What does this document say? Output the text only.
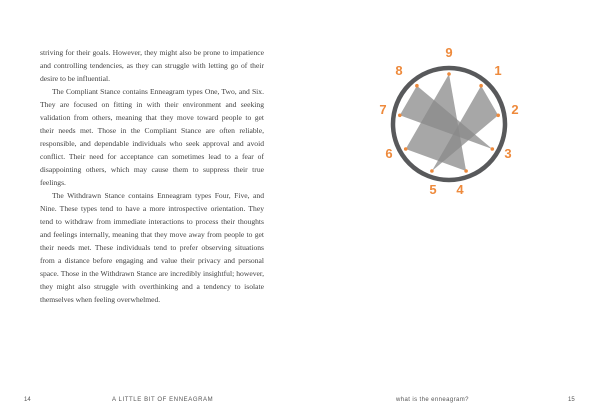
striving for their goals. However, they might also be prone to impatience and controlling tendencies, as they can struggle with letting go of their desire to be influential.

The Compliant Stance contains Enneagram types One, Two, and Six. They are focused on fitting in with their environment and seeking validation from others, meaning that they move toward people to get their needs met. Those in the Compliant Stance are often reliable, responsible, and dependable individuals who seek approval and avoid conflict. Their need for acceptance can sometimes lead to a fear of disappointing others, which may cause them to suppress their true feelings.

The Withdrawn Stance contains Enneagram types Four, Five, and Nine. These types tend to have a more introspective orientation. They tend to withdraw from immediate interactions to process their thoughts and feelings internally, meaning that they move away from people to get their needs met. These individuals tend to prefer observing situations from a distance before engaging and value their privacy and personal space. Those in the Withdrawn Stance are incredibly insightful; however, they might also struggle with overthinking and a tendency to isolate themselves when feeling overwhelmed.

14	A LITTLE BIT OF ENNEAGRAM
9
1
2
3
4
5
6
7
8
what is the enneagram?	15
